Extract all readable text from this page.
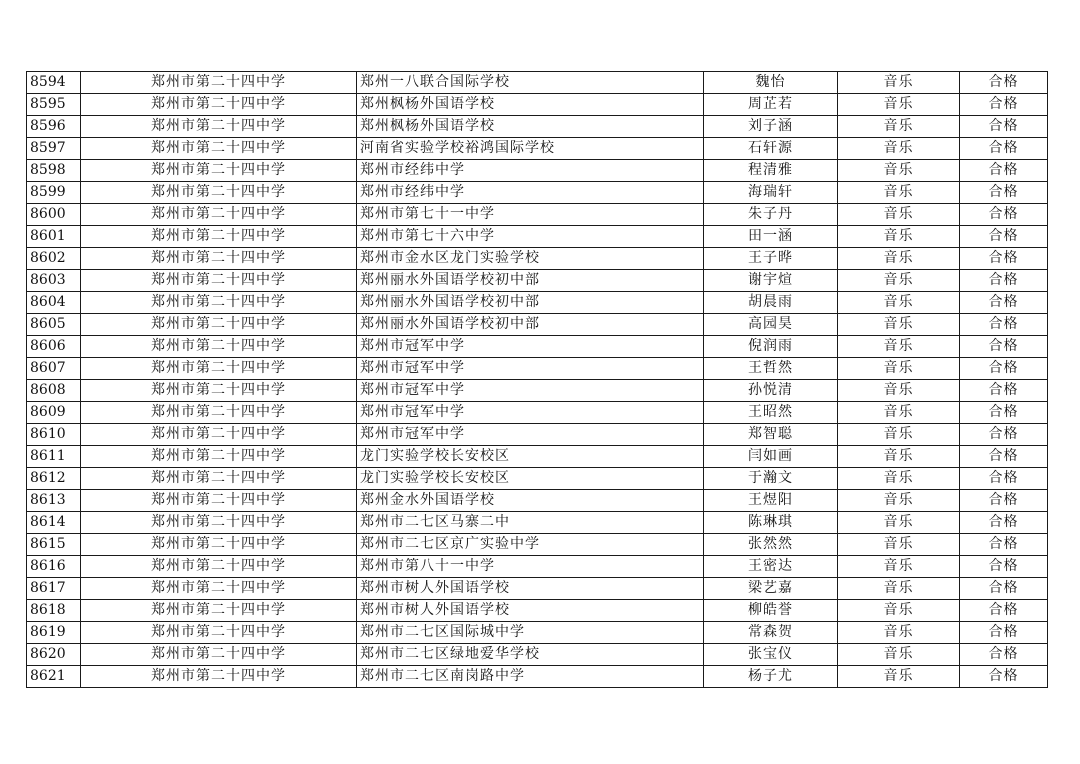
8594	郑州市第二十四中学	郑州一八联合国际学校	魏怡	音乐	合格
8595	郑州市第二十四中学	郑州枫杨外国语学校	周芷若	音乐	合格
8596	郑州市第二十四中学	郑州枫杨外国语学校	刘子涵	音乐	合格
8597	郑州市第二十四中学	河南省实验学校裕鸿国际学校	石轩源	音乐	合格
8598	郑州市第二十四中学	郑州市经纬中学	程清雅	音乐	合格
8599	郑州市第二十四中学	郑州市经纬中学	海瑞轩	音乐	合格
8600	郑州市第二十四中学	郑州市第七十一中学	朱子丹	音乐	合格
8601	郑州市第二十四中学	郑州市第七十六中学	田一涵	音乐	合格
8602	郑州市第二十四中学	郑州市金水区龙门实验学校	王子晔	音乐	合格
8603	郑州市第二十四中学	郑州丽水外国语学校初中部	谢宇煊	音乐	合格
8604	郑州市第二十四中学	郑州丽水外国语学校初中部	胡晨雨	音乐	合格
8605	郑州市第二十四中学	郑州丽水外国语学校初中部	高园昊	音乐	合格
8606	郑州市第二十四中学	郑州市冠军中学	倪润雨	音乐	合格
8607	郑州市第二十四中学	郑州市冠军中学	王哲然	音乐	合格
8608	郑州市第二十四中学	郑州市冠军中学	孙悦清	音乐	合格
8609	郑州市第二十四中学	郑州市冠军中学	王昭然	音乐	合格
8610	郑州市第二十四中学	郑州市冠军中学	郑智聪	音乐	合格
8611	郑州市第二十四中学	龙门实验学校长安校区	闫如画	音乐	合格
8612	郑州市第二十四中学	龙门实验学校长安校区	于瀚文	音乐	合格
8613	郑州市第二十四中学	郑州金水外国语学校	王煜阳	音乐	合格
8614	郑州市第二十四中学	郑州市二七区马寨二中	陈琳琪	音乐	合格
8615	郑州市第二十四中学	郑州市二七区京广实验中学	张然然	音乐	合格
8616	郑州市第二十四中学	郑州市第八十一中学	王密达	音乐	合格
8617	郑州市第二十四中学	郑州市树人外国语学校	梁艺嘉	音乐	合格
8618	郑州市第二十四中学	郑州市树人外国语学校	柳皓誉	音乐	合格
8619	郑州市第二十四中学	郑州市二七区国际城中学	常森贺	音乐	合格
8620	郑州市第二十四中学	郑州市二七区绿地爱华学校	张宝仪	音乐	合格
8621	郑州市第二十四中学	郑州市二七区南岗路中学	杨子尤	音乐	合格
